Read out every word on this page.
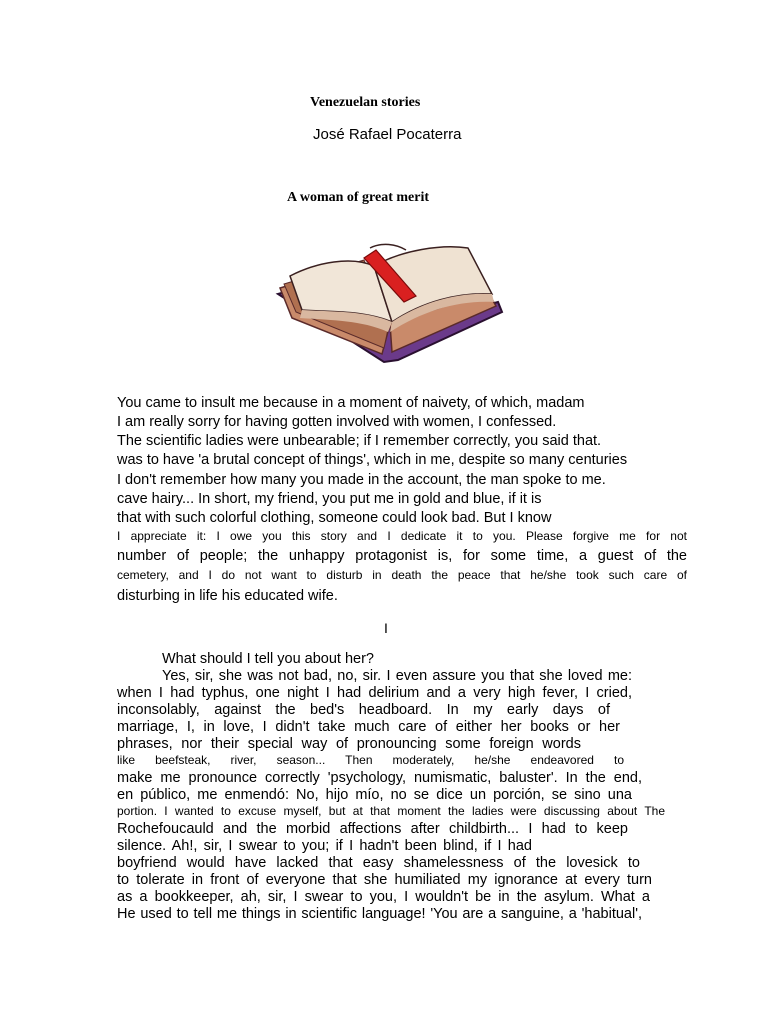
Venezuelan stories
José Rafael Pocaterra
A woman of great merit
You came to insult me because in a moment of naivety, of which, madam
I am really sorry for having gotten involved with women, I confessed.
The scientific ladies were unbearable; if I remember correctly, you said that.
was to have 'a brutal concept of things', which in me, despite so many centuries
I don't remember how many you made in the account, the man spoke to me.
cave hairy... In short, my friend, you put me in gold and blue, if it is
that with such colorful clothing, someone could look bad. But I know
I appreciate it: I owe you this story and I dedicate it to you. Please forgive me for not
number of people; the unhappy protagonist is, for some time, a guest of the
cemetery, and I do not want to disturb in death the peace that he/she took such care of
disturbing in life his educated wife.
I
What should I tell you about her?
Yes, sir, she was not bad, no, sir. I even assure you that she loved me:
when I had typhus, one night I had delirium and a very high fever, I cried,
inconsolably, against the bed's headboard. In my early days of
marriage, I, in love, I didn't take much care of either her books or her
phrases, nor their special way of pronouncing some foreign words
like beefsteak, river, season... Then moderately, he/she endeavored to
make me pronounce correctly 'psychology, numismatic, baluster'. In the end,
en público, me enmendó: No, hijo mío, no se dice un porción, se sino una
portion. I wanted to excuse myself, but at that moment the ladies were discussing about The
Rochefoucauld and the morbid affections after childbirth... I had to keep
silence. Ah!, sir, I swear to you; if I hadn't been blind, if I had
boyfriend would have lacked that easy shamelessness of the lovesick to
to tolerate in front of everyone that she humiliated my ignorance at every turn
as a bookkeeper, ah, sir, I swear to you, I wouldn't be in the asylum. What a
He used to tell me things in scientific language! 'You are a sanguine, a 'habitual',
